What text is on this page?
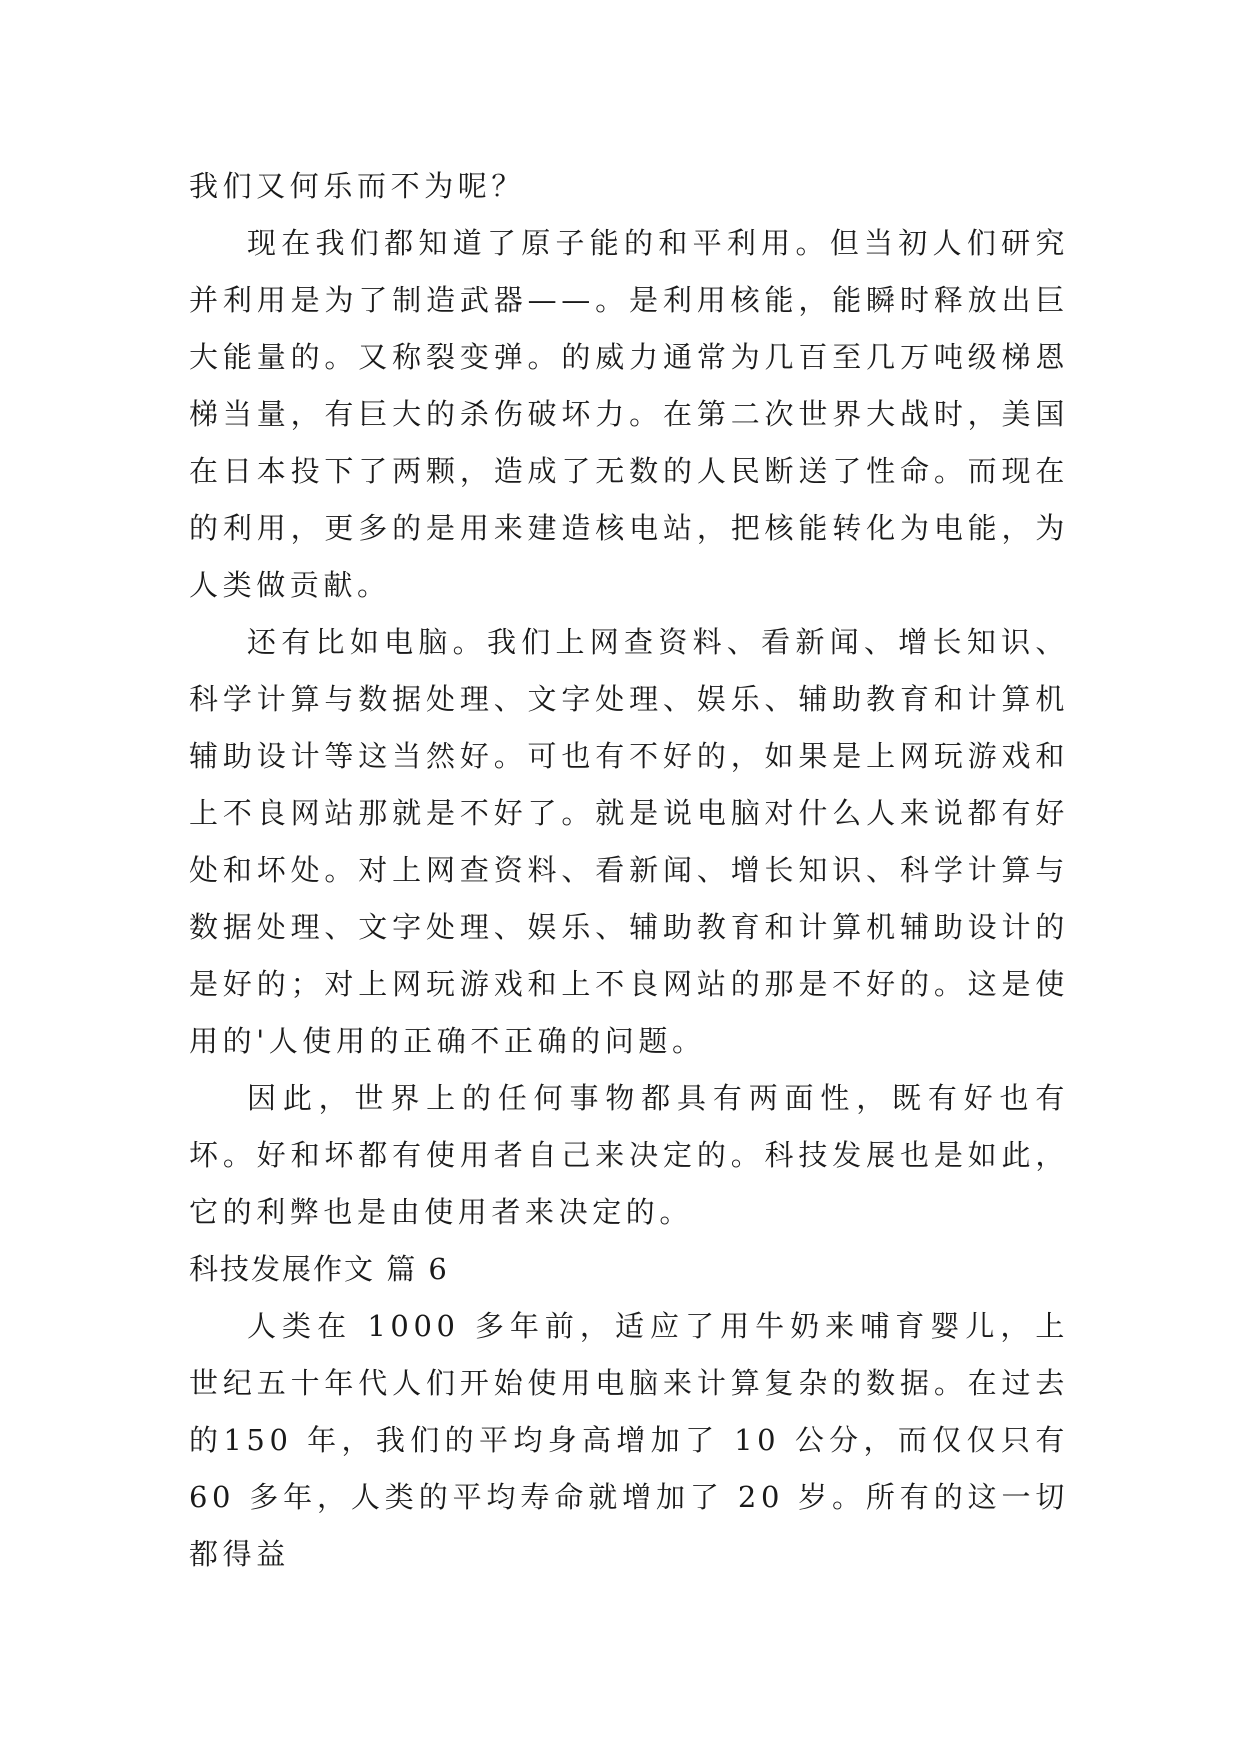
我们又何乐而不为呢？

现在我们都知道了原子能的和平利用。但当初人们研究并利用是为了制造武器——。是利用核能，能瞬时释放出巨大能量的。又称裂变弹。的威力通常为几百至几万吨级梯恩梯当量，有巨大的杀伤破坏力。在第二次世界大战时，美国在日本投下了两颗，造成了无数的人民断送了性命。而现在的利用，更多的是用来建造核电站，把核能转化为电能，为人类做贡献。

还有比如电脑。我们上网查资料、看新闻、增长知识、科学计算与数据处理、文字处理、娱乐、辅助教育和计算机辅助设计等这当然好。可也有不好的，如果是上网玩游戏和上不良网站那就是不好了。就是说电脑对什么人来说都有好处和坏处。对上网查资料、看新闻、增长知识、科学计算与数据处理、文字处理、娱乐、辅助教育和计算机辅助设计的是好的；对上网玩游戏和上不良网站的那是不好的。这是使用的'人使用的正确不正确的问题。

因此，世界上的任何事物都具有两面性，既有好也有坏。好和坏都有使用者自己来决定的。科技发展也是如此，它的利弊也是由使用者来决定的。

科技发展作文 篇 6

人类在 1000 多年前，适应了用牛奶来哺育婴儿，上世纪五十年代人们开始使用电脑来计算复杂的数据。在过去的150 年，我们的平均身高增加了 10 公分，而仅仅只有 60 多年，人类的平均寿命就增加了 20 岁。所有的这一切都得益
